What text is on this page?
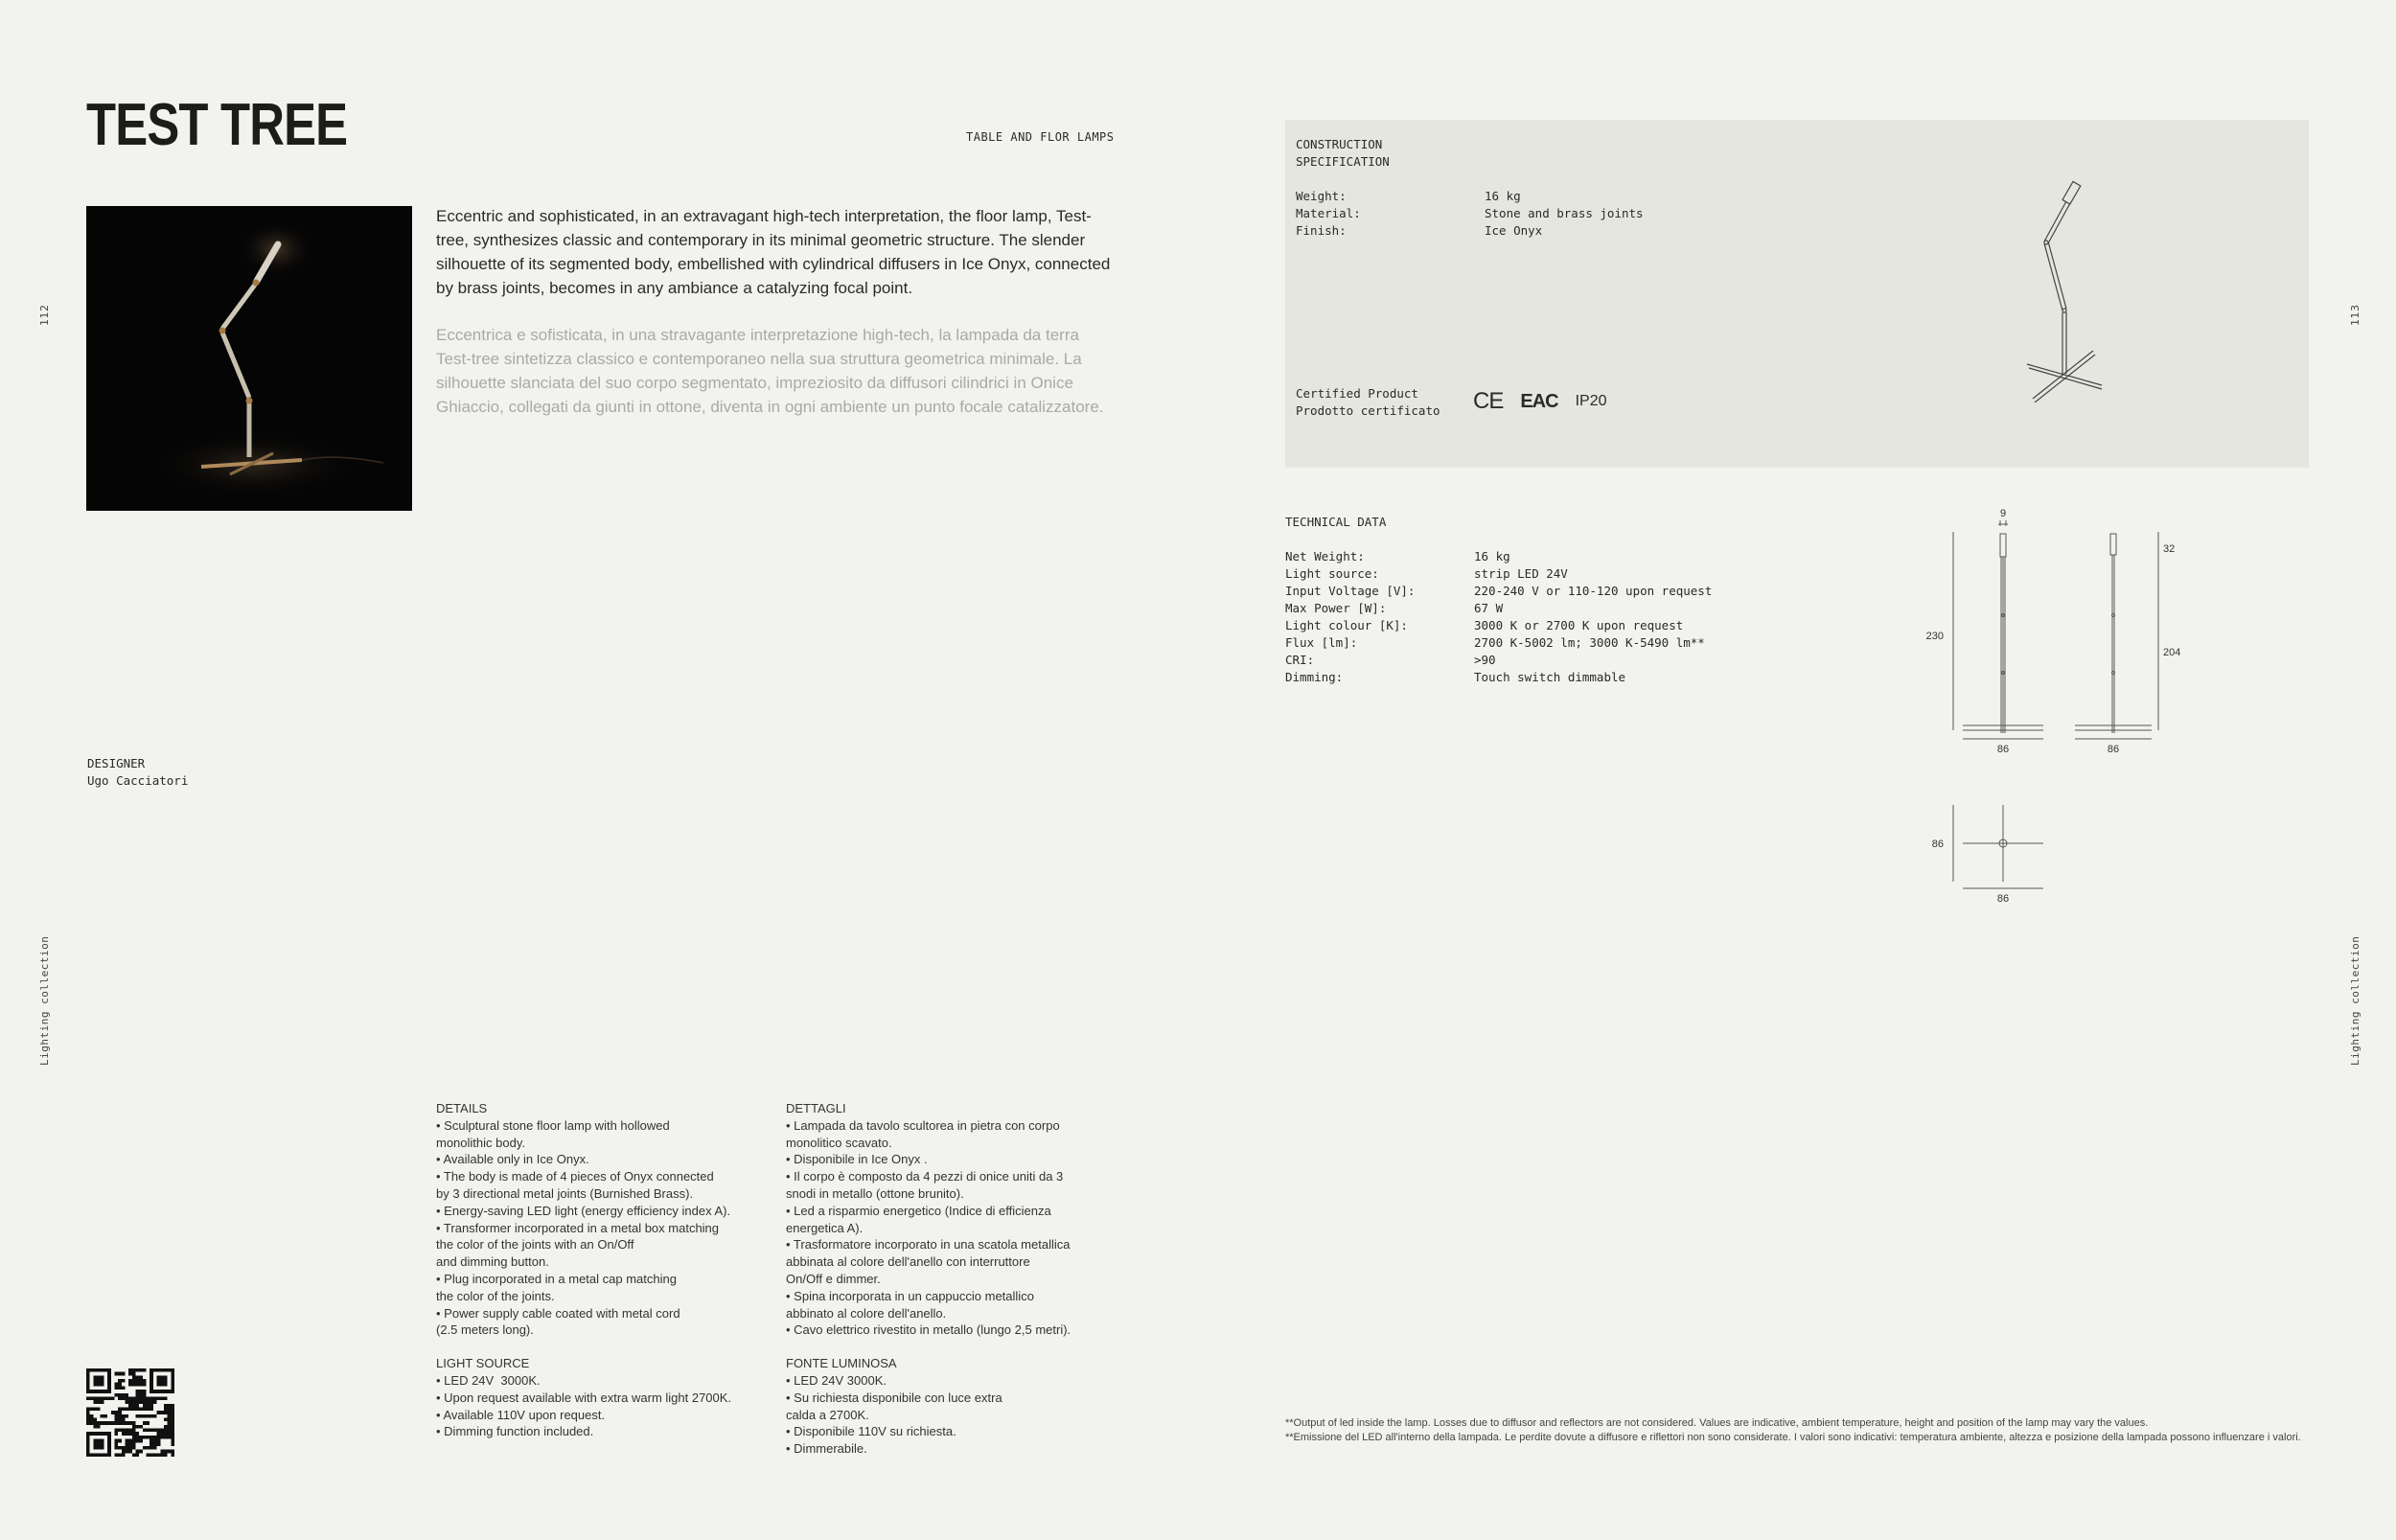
TEST TREE	TABLE AND FLOR LAMPS
112	113
Lighting collection	Lighting collection
Eccentric and sophisticated, in an extravagant high-tech interpretation, the floor lamp, Test-tree, synthesizes classic and contemporary in its minimal geometric structure. The slender silhouette of its segmented body, embellished with cylindrical diffusers in Ice Onyx, connected by brass joints, becomes in any ambiance a catalyzing focal point.
Eccentrica e sofisticata, in una stravagante interpretazione high-tech, la lampada da terra Test-tree sintetizza classico e contemporaneo nella sua struttura geometrica minimale. La silhouette slanciata del suo corpo segmentato, impreziosito da diffusori cilindrici in Onice Ghiaccio, collegati da giunti in ottone, diventa in ogni ambiente un punto focale catalizzatore.
DESIGNER
Ugo Cacciatori
DETAILS
• Sculptural stone floor lamp with hollowed
monolithic body.
• Available only in Ice Onyx.
• The body is made of 4 pieces of Onyx connected
by 3 directional metal joints (Burnished Brass).
• Energy-saving LED light (energy efficiency index A).
• Transformer incorporated in a metal box matching
the color of the joints with an On/Off
and dimming button.
• Plug incorporated in a metal cap matching
the color of the joints.
• Power supply cable coated with metal cord
(2.5 meters long).
LIGHT SOURCE
• LED 24V  3000K.
• Upon request available with extra warm light 2700K.
• Available 110V upon request.
• Dimming function included.
DETTAGLI
• Lampada da tavolo scultorea in pietra con corpo
monolitico scavato.
• Disponibile in Ice Onyx .
• Il corpo è composto da 4 pezzi di onice uniti da 3
snodi in metallo (ottone brunito).
• Led a risparmio energetico (Indice di efficienza
energetica A).
• Trasformatore incorporato in una scatola metallica
abbinata al colore dell'anello con interruttore
On/Off e dimmer.
• Spina incorporata in un cappuccio metallico
abbinato al colore dell'anello.
• Cavo elettrico rivestito in metallo (lungo 2,5 metri).
FONTE LUMINOSA
• LED 24V 3000K.
• Su richiesta disponibile con luce extra
calda a 2700K.
• Disponibile 110V su richiesta.
• Dimmerabile.
CONSTRUCTION
SPECIFICATION
Weight:	16 kg
Material:	Stone and brass joints
Finish:	Ice Onyx
Certified Product
Prodotto certificato CE EAC IP20
TECHNICAL DATA
Net Weight:	16 kg
Light source:	strip LED 24V
Input Voltage [V]:	220-240 V or 110-120 upon request
Max Power [W]:	67 W
Light colour [K]:	3000 K or 2700 K upon request
Flux [lm]:	2700 K-5002 lm; 3000 K-5490 lm**
CRI:	>90
Dimming:	Touch switch dimmable
9
230
32
204
86	86
86
86
**Output of led inside the lamp. Losses due to diffusor and reflectors are not considered. Values are indicative, ambient temperature, height and position of the lamp may vary the values.
**Emissione del LED all'interno della lampada. Le perdite dovute a diffusore e riflettori non sono considerate. I valori sono indicativi: temperatura ambiente, altezza e posizione della lampada possono influenzare i valori.
